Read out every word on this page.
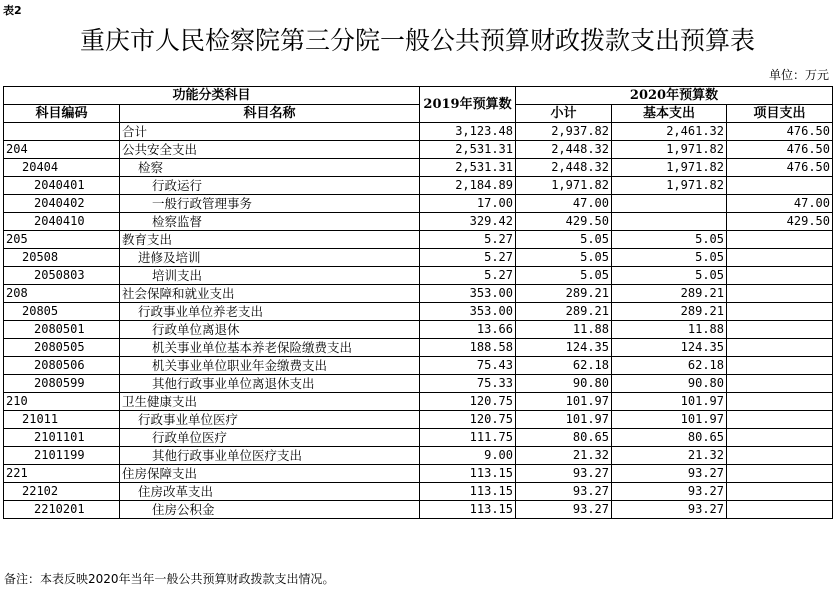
表2
重庆市人民检察院第三分院一般公共预算财政拨款支出预算表
单位：万元
功能分类科目		2019年预算数	2020年预算数		
科目编码	科目名称		小计	基本支出	项目支出
	合计	3,123.48	2,937.82	2,461.32	476.50
204	公共安全支出	2,531.31	2,448.32	1,971.82	476.50
20404	检察	2,531.31	2,448.32	1,971.82	476.50
2040401	行政运行	2,184.89	1,971.82	1,971.82	
2040402	一般行政管理事务	17.00	47.00		47.00
2040410	检察监督	329.42	429.50		429.50
205	教育支出	5.27	5.05	5.05	
20508	进修及培训	5.27	5.05	5.05	
2050803	培训支出	5.27	5.05	5.05	
208	社会保障和就业支出	353.00	289.21	289.21	
20805	行政事业单位养老支出	353.00	289.21	289.21	
2080501	行政单位离退休	13.66	11.88	11.88	
2080505	机关事业单位基本养老保险缴费支出	188.58	124.35	124.35	
2080506	机关事业单位职业年金缴费支出	75.43	62.18	62.18	
2080599	其他行政事业单位离退休支出	75.33	90.80	90.80	
210	卫生健康支出	120.75	101.97	101.97	
21011	行政事业单位医疗	120.75	101.97	101.97	
2101101	行政单位医疗	111.75	80.65	80.65	
2101199	其他行政事业单位医疗支出	9.00	21.32	21.32	
221	住房保障支出	113.15	93.27	93.27	
22102	住房改革支出	113.15	93.27	93.27	
2210201	住房公积金	113.15	93.27	93.27	
备注：本表反映2020年当年一般公共预算财政拨款支出情况。
